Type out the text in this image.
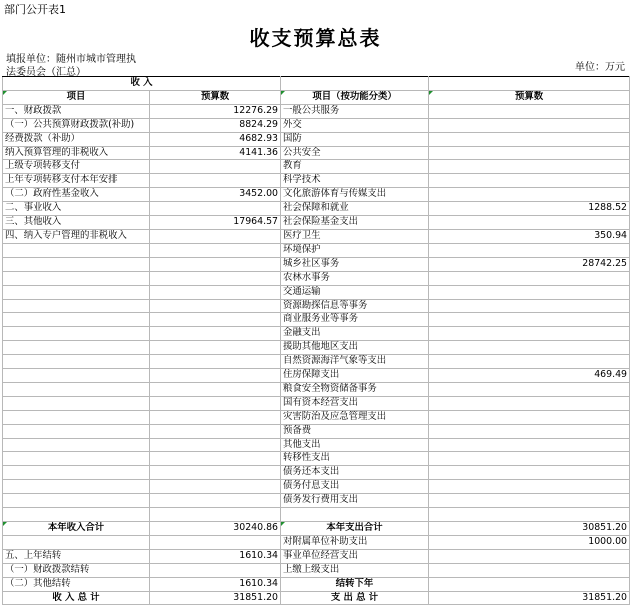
部门公开表1
收支预算总表
填报单位：随州市城市管理执
法委员会（汇总）	单位：万元
收 入			
项目	预算数	项目（按功能分类）	预算数
一、财政拨款	12276.29	一般公共服务	
（一）公共预算财政拨款(补助)	8824.29	外交	
经费拨款（补助）	4682.93	国防	
纳入预算管理的非税收入	4141.36	公共安全	
上级专项转移支付		教育	
上年专项转移支付本年安排		科学技术	
（二）政府性基金收入	3452.00	文化旅游体育与传媒支出	
二、事业收入		社会保障和就业	1288.52
三、其他收入	17964.57	社会保险基金支出	
四、纳入专户管理的非税收入		医疗卫生	350.94
		环境保护	
		城乡社区事务	28742.25
		农林水事务	
		交通运输	
		资源勘探信息等事务	
		商业服务业等事务	
		金融支出	
		援助其他地区支出	
		自然资源海洋气象等支出	
		住房保障支出	469.49
		粮食安全物资储备事务	
		国有资本经营支出	
		灾害防治及应急管理支出	
		预备费	
		其他支出	
		转移性支出	
		债务还本支出	
		债务付息支出	
		债务发行费用支出	

本年收入合计	30240.86	本年支出合计	30851.20
		对附属单位补助支出	1000.00
五、上年结转	1610.34	事业单位经营支出	
（一）财政拨款结转		上缴上级支出	
（二）其他结转	1610.34	结转下年	
收 入 总 计	31851.20	支 出 总 计	31851.20
